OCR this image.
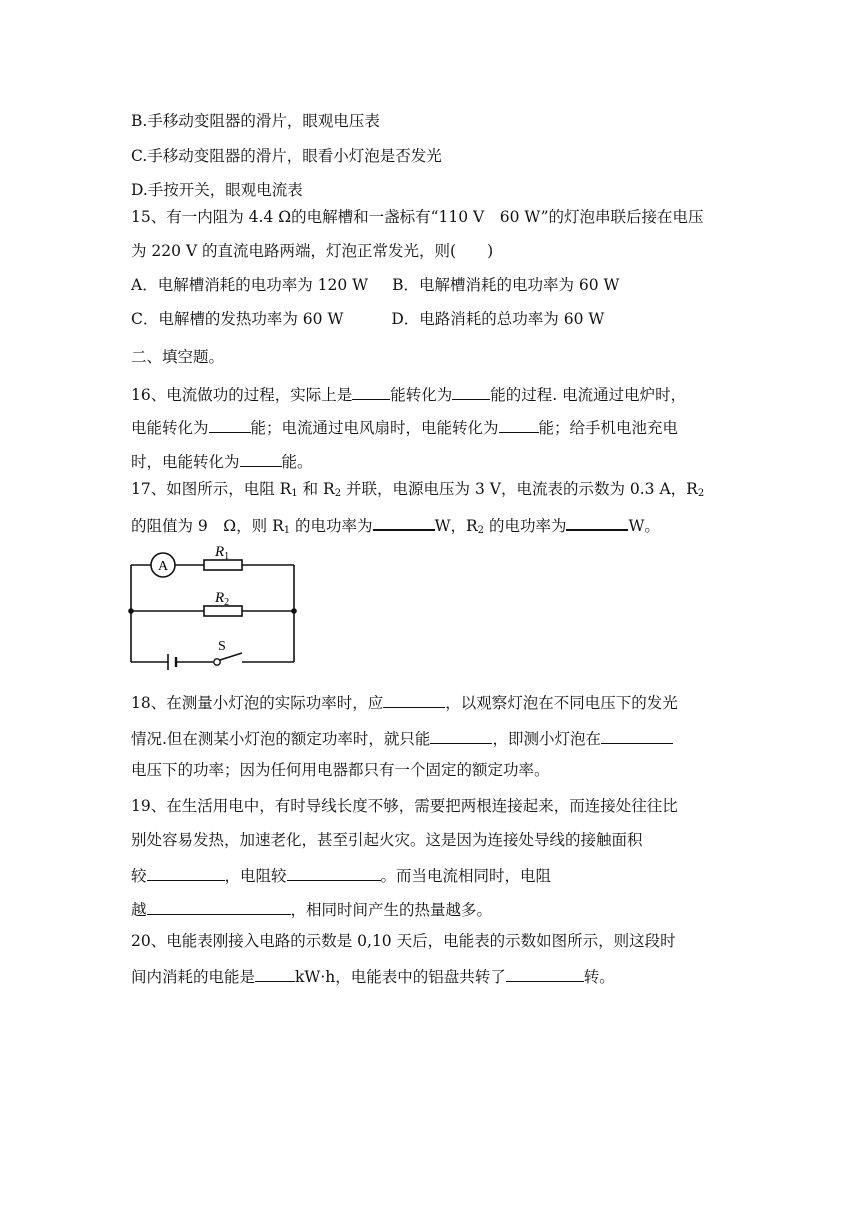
B.手移动变阻器的滑片，眼观电压表
C.手移动变阻器的滑片，眼看小灯泡是否发光
D.手按开关，眼观电流表
15、有一内阻为 4.4 Ω的电解槽和一盏标有“110 V　60 W”的灯泡串联后接在电压
为 220 V 的直流电路两端，灯泡正常发光，则(　　)
A．电解槽消耗的电功率为 120 W B．电解槽消耗的电功率为 60 W
C．电解槽的发热功率为 60 W	D．电路消耗的总功率为 60 W
二、填空题。
16、电流做功的过程，实际上是 能转化为 能的过程. 电流通过电炉时，
电能转化为	能；电流通过电风扇时，电能转化为	能；给手机电池充电
时，电能转化为	能。
17、如图所示，电阻 $R_1$ 和 $R_2$ 并联，电源电压为 3 V，电流表的示数为 0.3 A，$R_2$
的阻值为 9　Ω，则 $R_1$ 的电功率为	W，$R_2$ 的电功率为	W。
A
$R_1$
$R_2$
S
18、在测量小灯泡的实际功率时，应	，以观察灯泡在不同电压下的发光
情况.但在测某小灯泡的额定功率时，就只能	，即测小灯泡在
电压下的功率；因为任何用电器都只有一个固定的额定功率。
19、在生活用电中，有时导线长度不够，需要把两根连接起来，而连接处往往比
别处容易发热，加速老化，甚至引起火灾。这是因为连接处导线的接触面积
较	，电阻较	。而当电流相同时，电阻
越	，相同时间产生的热量越多。
20、电能表刚接入电路的示数是 0,10 天后，电能表的示数如图所示，则这段时
间内消耗的电能是	kW·h，电能表中的铝盘共转了	转。
